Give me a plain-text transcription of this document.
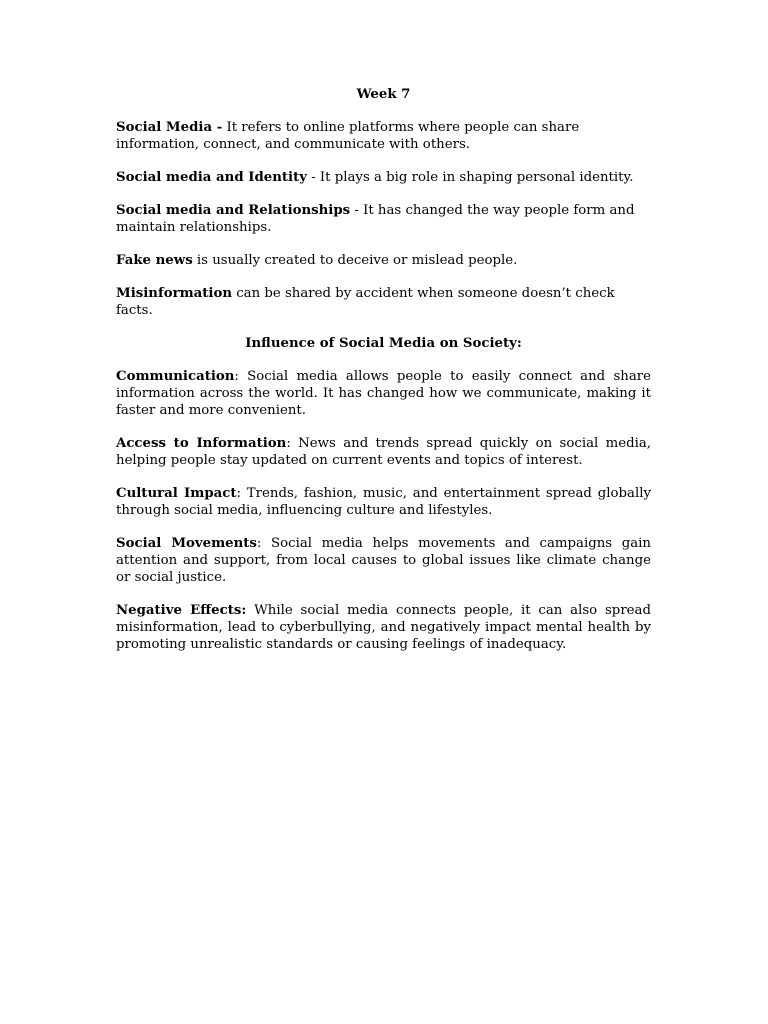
Week 7

Social Media - It refers to online platforms where people can share information, connect, and communicate with others.

Social media and Identity - It plays a big role in shaping personal identity.

Social media and Relationships - It has changed the way people form and maintain relationships.

Fake news is usually created to deceive or mislead people.

Misinformation can be shared by accident when someone doesn’t check facts.

Influence of Social Media on Society:

Communication: Social media allows people to easily connect and share information across the world. It has changed how we communicate, making it faster and more convenient.

Access to Information: News and trends spread quickly on social media, helping people stay updated on current events and topics of interest.

Cultural Impact: Trends, fashion, music, and entertainment spread globally through social media, influencing culture and lifestyles.

Social Movements: Social media helps movements and campaigns gain attention and support, from local causes to global issues like climate change or social justice.

Negative Effects: While social media connects people, it can also spread misinformation, lead to cyberbullying, and negatively impact mental health by promoting unrealistic standards or causing feelings of inadequacy.
